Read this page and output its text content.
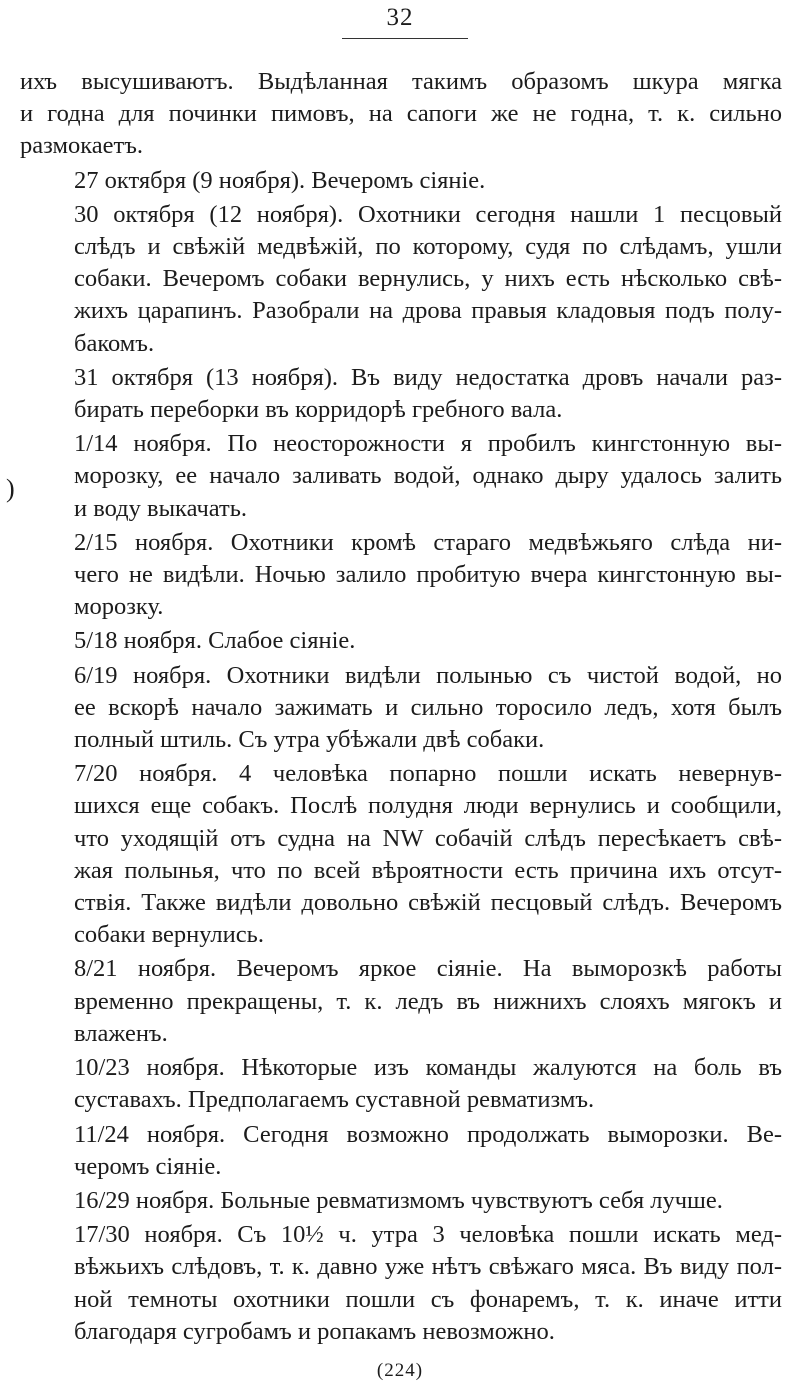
32
)
ихъ высушиваютъ. Выдѣланная такимъ образомъ шкура мягка
и годна для починки пимовъ, на сапоги же не годна, т. к. сильно
размокаетъ.
27 октября (9 ноября). Вечеромъ сіяніе.
30 октября (12 ноября). Охотники сегодня нашли 1 песцовый
слѣдъ и свѣжій медвѣжій, по которому, судя по слѣдамъ, ушли
собаки. Вечеромъ собаки вернулись, у нихъ есть нѣсколько свѣ-
жихъ царапинъ. Разобрали на дрова правыя кладовыя подъ полу-
бакомъ.
31 октября (13 ноября). Въ виду недостатка дровъ начали раз-
бирать переборки въ корридорѣ гребного вала.
1/14 ноября. По неосторожности я пробилъ кингстонную вы-
морозку, ее начало заливать водой, однако дыру удалось залить
и воду выкачать.
2/15 ноября. Охотники кромѣ стараго медвѣжьяго слѣда ни-
чего не видѣли. Ночью залило пробитую вчера кингстонную вы-
морозку.
5/18 ноября. Слабое сіяніе.
6/19 ноября. Охотники видѣли полынью съ чистой водой, но
ее вскорѣ начало зажимать и сильно торосило ледъ, хотя былъ
полный штиль. Съ утра убѣжали двѣ собаки.
7/20 ноября. 4 человѣка попарно пошли искать невернув-
шихся еще собакъ. Послѣ полудня люди вернулись и сообщили,
что уходящій отъ судна на NW собачій слѣдъ пересѣкаетъ свѣ-
жая полынья, что по всей вѣроятности есть причина ихъ отсут-
ствія. Также видѣли довольно свѣжій песцовый слѣдъ. Вечеромъ
собаки вернулись.
8/21 ноября. Вечеромъ яркое сіяніе. На выморозкѣ работы
временно прекращены, т. к. ледъ въ нижнихъ слояхъ мягокъ и
влаженъ.
10/23 ноября. Нѣкоторые изъ команды жалуются на боль въ
суставахъ. Предполагаемъ суставной ревматизмъ.
11/24 ноября. Сегодня возможно продолжать выморозки. Ве-
черомъ сіяніе.
16/29 ноября. Больные ревматизмомъ чувствуютъ себя лучше.
17/30 ноября. Съ 10½ ч. утра 3 человѣка пошли искать мед-
вѣжьихъ слѣдовъ, т. к. давно уже нѣтъ свѣжаго мяса. Въ виду пол-
ной темноты охотники пошли съ фонаремъ, т. к. иначе итти
благодаря сугробамъ и ропакамъ невозможно.
(224)
